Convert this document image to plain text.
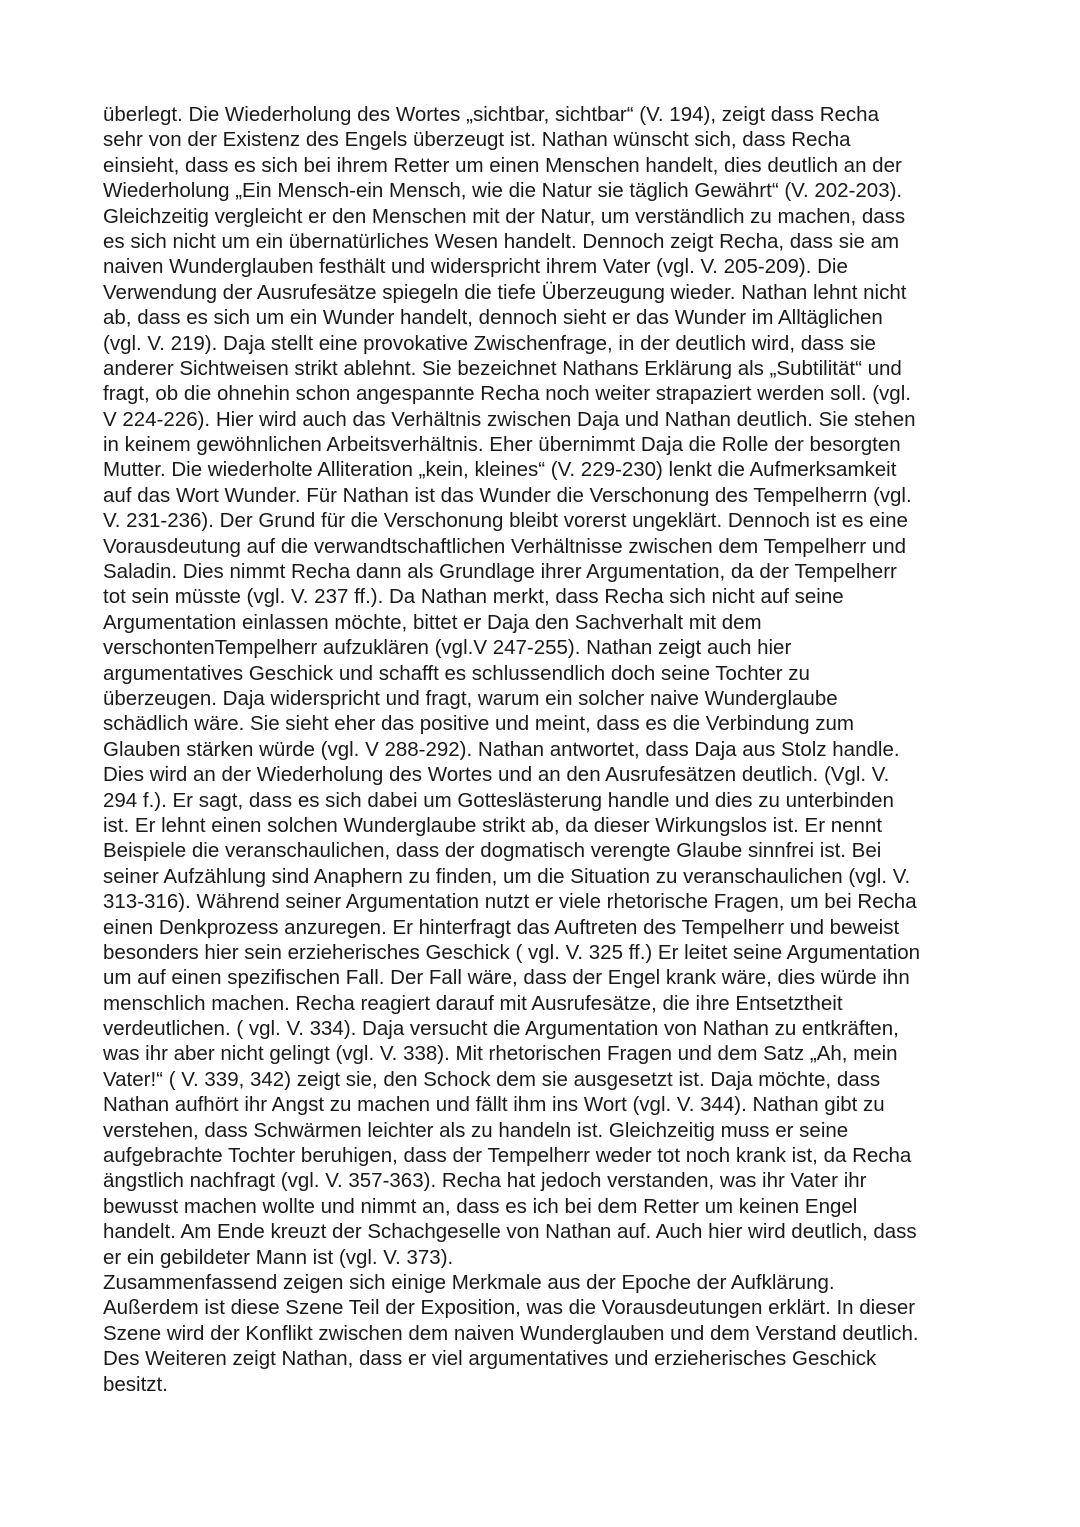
überlegt. Die Wiederholung des Wortes „sichtbar, sichtbar“ (V. 194), zeigt dass Recha
sehr von der Existenz des Engels überzeugt ist. Nathan wünscht sich, dass Recha
einsieht, dass es sich bei ihrem Retter um einen Menschen handelt, dies deutlich an der
Wiederholung „Ein Mensch-ein Mensch, wie die Natur sie täglich Gewährt“ (V. 202-203).
Gleichzeitig vergleicht er den Menschen mit der Natur, um verständlich zu machen, dass
es sich nicht um ein übernatürliches Wesen handelt. Dennoch zeigt Recha, dass sie am
naiven Wunderglauben festhält und widerspricht ihrem Vater (vgl. V. 205-209). Die
Verwendung der Ausrufesätze spiegeln die tiefe Überzeugung wieder. Nathan lehnt nicht
ab, dass es sich um ein Wunder handelt, dennoch sieht er das Wunder im Alltäglichen
(vgl. V. 219). Daja stellt eine provokative Zwischenfrage, in der deutlich wird, dass sie
anderer Sichtweisen strikt ablehnt. Sie bezeichnet Nathans Erklärung als „Subtilität“ und
fragt, ob die ohnehin schon angespannte Recha noch weiter strapaziert werden soll. (vgl.
V 224-226). Hier wird auch das Verhältnis zwischen Daja und Nathan deutlich. Sie stehen
in keinem gewöhnlichen Arbeitsverhältnis. Eher übernimmt Daja die Rolle der besorgten
Mutter. Die wiederholte Alliteration „kein, kleines“ (V. 229-230) lenkt die Aufmerksamkeit
auf das Wort Wunder. Für Nathan ist das Wunder die Verschonung des Tempelherrn (vgl.
V. 231-236). Der Grund für die Verschonung bleibt vorerst ungeklärt. Dennoch ist es eine
Vorausdeutung auf die verwandtschaftlichen Verhältnisse zwischen dem Tempelherr und
Saladin. Dies nimmt Recha dann als Grundlage ihrer Argumentation, da der Tempelherr
tot sein müsste (vgl. V. 237 ff.). Da Nathan merkt, dass Recha sich nicht auf seine
Argumentation einlassen möchte, bittet er Daja den Sachverhalt mit dem
verschontenTempelherr aufzuklären (vgl.V 247-255). Nathan zeigt auch hier
argumentatives Geschick und schafft es schlussendlich doch seine Tochter zu
überzeugen. Daja widerspricht und fragt, warum ein solcher naive Wunderglaube
schädlich wäre. Sie sieht eher das positive und meint, dass es die Verbindung zum
Glauben stärken würde (vgl. V 288-292). Nathan antwortet, dass Daja aus Stolz handle.
Dies wird an der Wiederholung des Wortes und an den Ausrufesätzen deutlich. (Vgl. V.
294 f.). Er sagt, dass es sich dabei um Gotteslästerung handle und dies zu unterbinden
ist. Er lehnt einen solchen Wunderglaube strikt ab, da dieser Wirkungslos ist. Er nennt
Beispiele die veranschaulichen, dass der dogmatisch verengte Glaube sinnfrei ist. Bei
seiner Aufzählung sind Anaphern zu finden, um die Situation zu veranschaulichen (vgl. V.
313-316). Während seiner Argumentation nutzt er viele rhetorische Fragen, um bei Recha
einen Denkprozess anzuregen. Er hinterfragt das Auftreten des Tempelherr und beweist
besonders hier sein erzieherisches Geschick ( vgl. V. 325 ff.) Er leitet seine Argumentation
um auf einen spezifischen Fall. Der Fall wäre, dass der Engel krank wäre, dies würde ihn
menschlich machen. Recha reagiert darauf mit Ausrufesätze, die ihre Entsetztheit
verdeutlichen. ( vgl. V. 334). Daja versucht die Argumentation von Nathan zu entkräften,
was ihr aber nicht gelingt (vgl. V. 338). Mit rhetorischen Fragen und dem Satz „Ah, mein
Vater!“ ( V. 339, 342) zeigt sie, den Schock dem sie ausgesetzt ist. Daja möchte, dass
Nathan aufhört ihr Angst zu machen und fällt ihm ins Wort (vgl. V. 344). Nathan gibt zu
verstehen, dass Schwärmen leichter als zu handeln ist. Gleichzeitig muss er seine
aufgebrachte Tochter beruhigen, dass der Tempelherr weder tot noch krank ist, da Recha
ängstlich nachfragt (vgl. V. 357-363). Recha hat jedoch verstanden, was ihr Vater ihr
bewusst machen wollte und nimmt an, dass es ich bei dem Retter um keinen Engel
handelt. Am Ende kreuzt der Schachgeselle von Nathan auf. Auch hier wird deutlich, dass
er ein gebildeter Mann ist (vgl. V. 373).
Zusammenfassend zeigen sich einige Merkmale aus der Epoche der Aufklärung.
Außerdem ist diese Szene Teil der Exposition, was die Vorausdeutungen erklärt. In dieser
Szene wird der Konflikt zwischen dem naiven Wunderglauben und dem Verstand deutlich.
Des Weiteren zeigt Nathan, dass er viel argumentatives und erzieherisches Geschick
besitzt.
